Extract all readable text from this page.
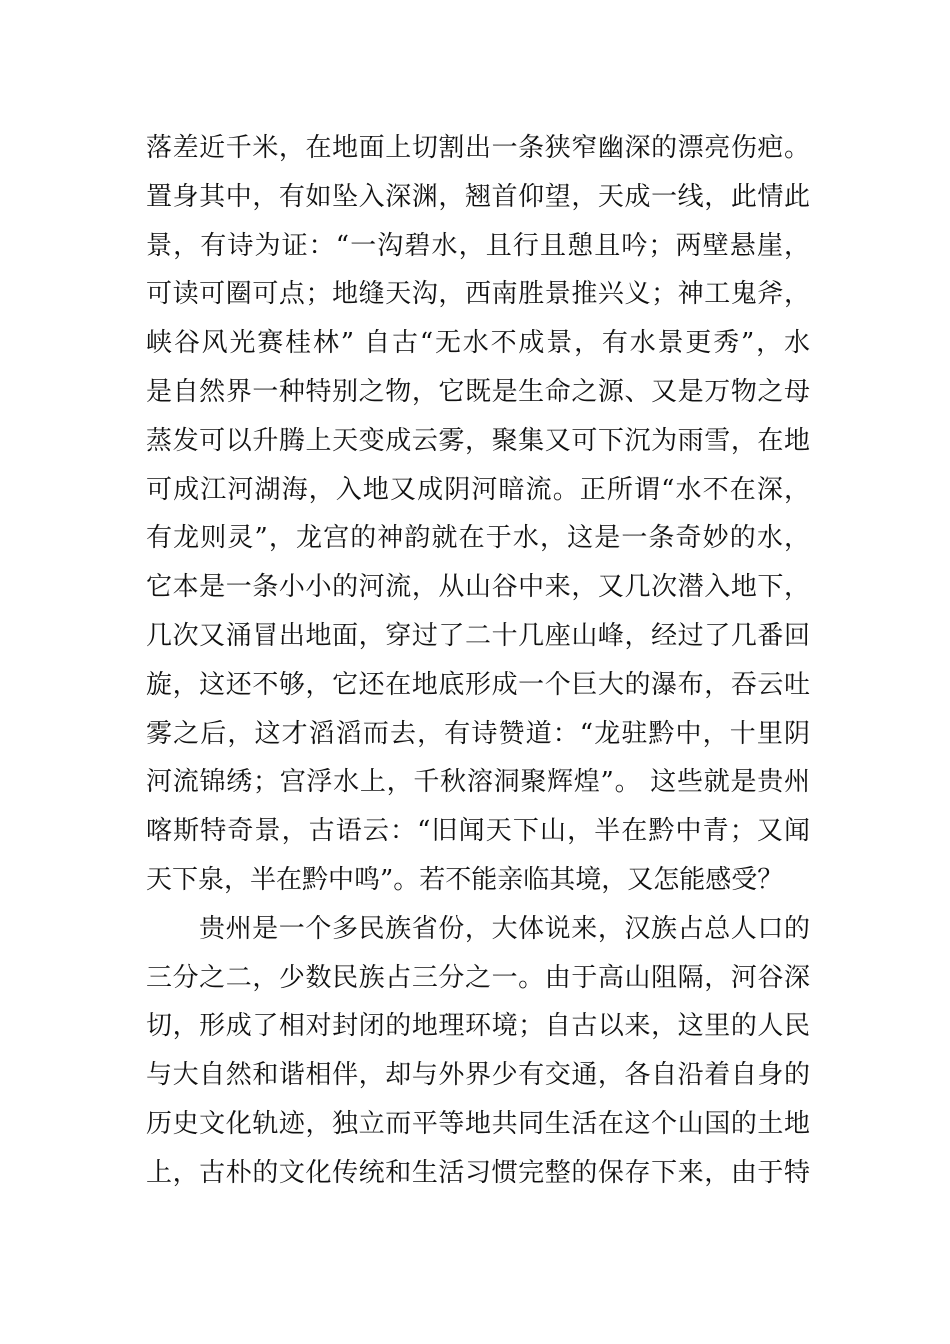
落差近千米，在地面上切割出一条狭窄幽深的漂亮伤疤。
置身其中，有如坠入深渊，翘首仰望，天成一线，此情此
景，有诗为证：“一沟碧水，且行且憩且吟；两壁悬崖，
可读可圈可点；地缝天沟，西南胜景推兴义；神工鬼斧，
峡谷风光赛桂林” 自古“无水不成景，有水景更秀”，水
是自然界一种特别之物，它既是生命之源、又是万物之母
蒸发可以升腾上天变成云雾，聚集又可下沉为雨雪，在地
可成江河湖海，入地又成阴河暗流。正所谓“水不在深，
有龙则灵”，龙宫的神韵就在于水，这是一条奇妙的水，
它本是一条小小的河流，从山谷中来，又几次潜入地下，
几次又涌冒出地面，穿过了二十几座山峰，经过了几番回
旋，这还不够，它还在地底形成一个巨大的瀑布，吞云吐
雾之后，这才滔滔而去，有诗赞道：“龙驻黔中，十里阴
河流锦绣；宫浮水上，千秋溶洞聚辉煌”。 这些就是贵州
喀斯特奇景，古语云：“旧闻天下山，半在黔中青；又闻
天下泉，半在黔中鸣”。若不能亲临其境，又怎能感受？
贵州是一个多民族省份，大体说来，汉族占总人口的
三分之二，少数民族占三分之一。由于高山阻隔，河谷深
切，形成了相对封闭的地理环境；自古以来，这里的人民
与大自然和谐相伴，却与外界少有交通，各自沿着自身的
历史文化轨迹，独立而平等地共同生活在这个山国的土地
上，古朴的文化传统和生活习惯完整的保存下来，由于特
